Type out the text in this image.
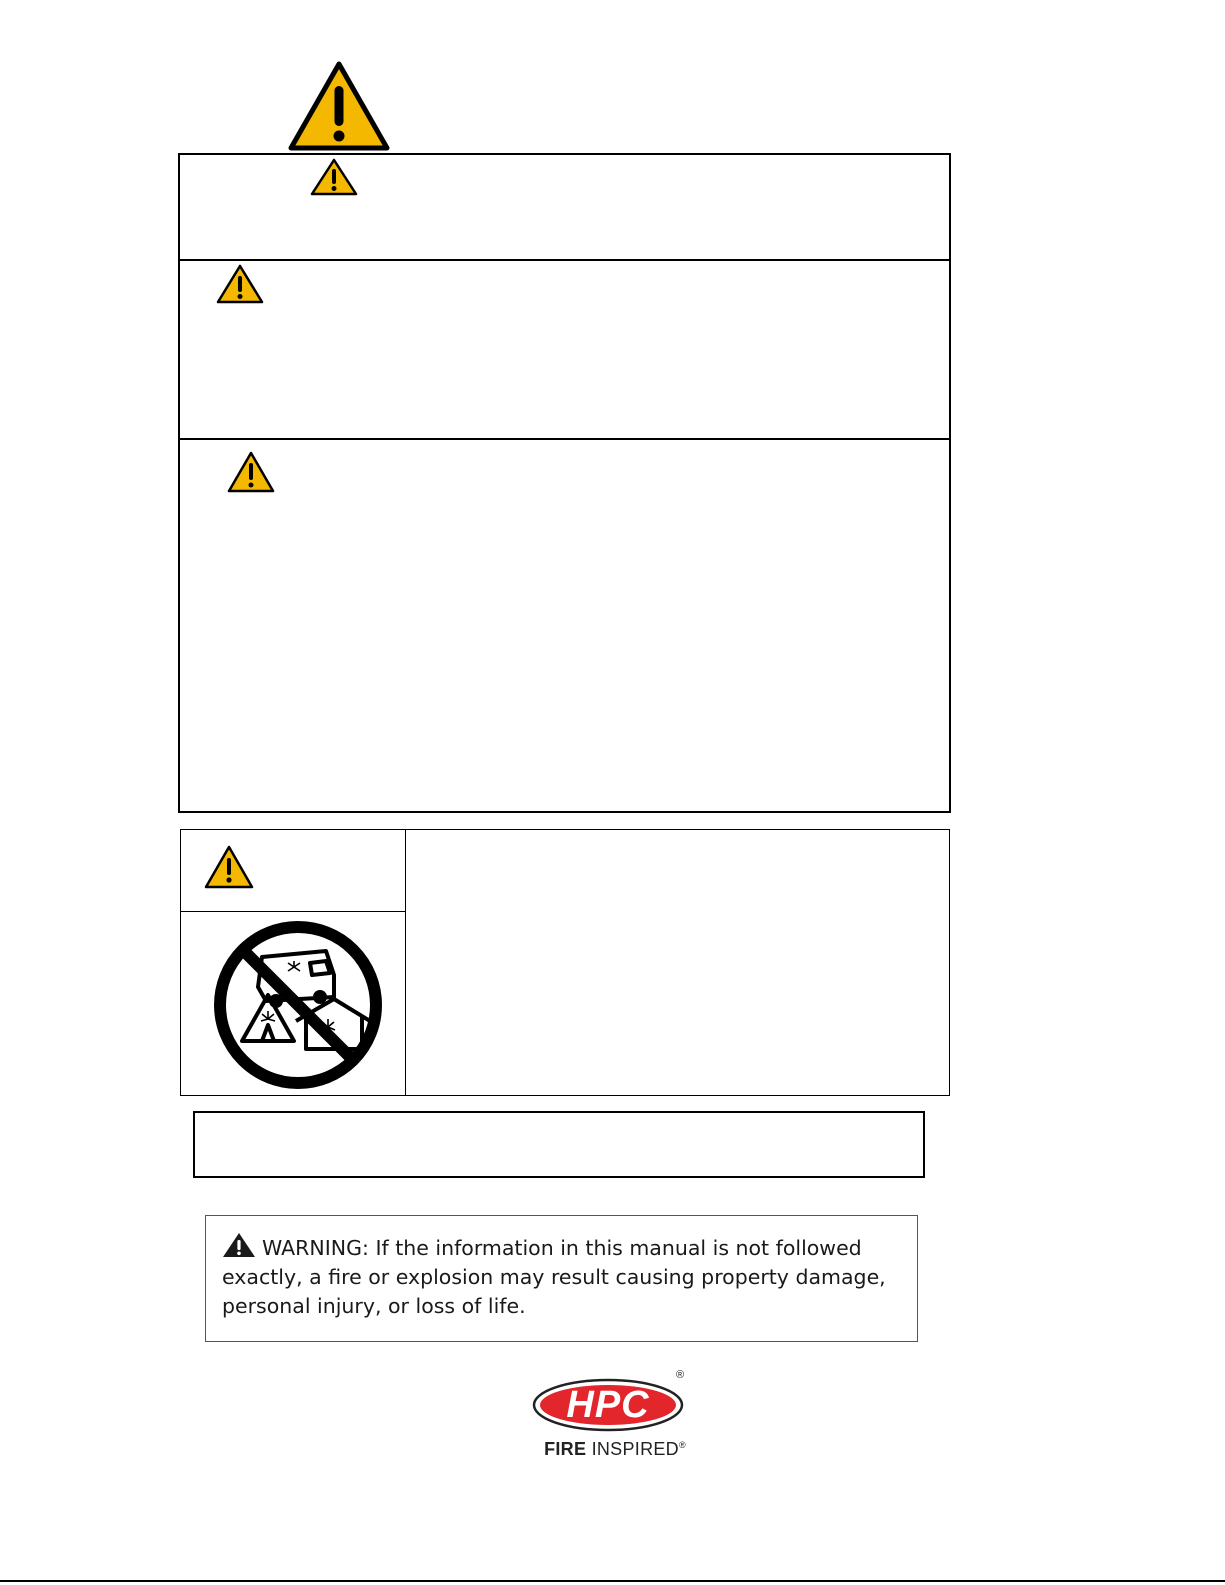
WARNING: If the information in this manual is not followed exactly, a fire or explosion may result causing property damage, personal injury, or loss of life.
HPC
®
FIRE INSPIRED®
